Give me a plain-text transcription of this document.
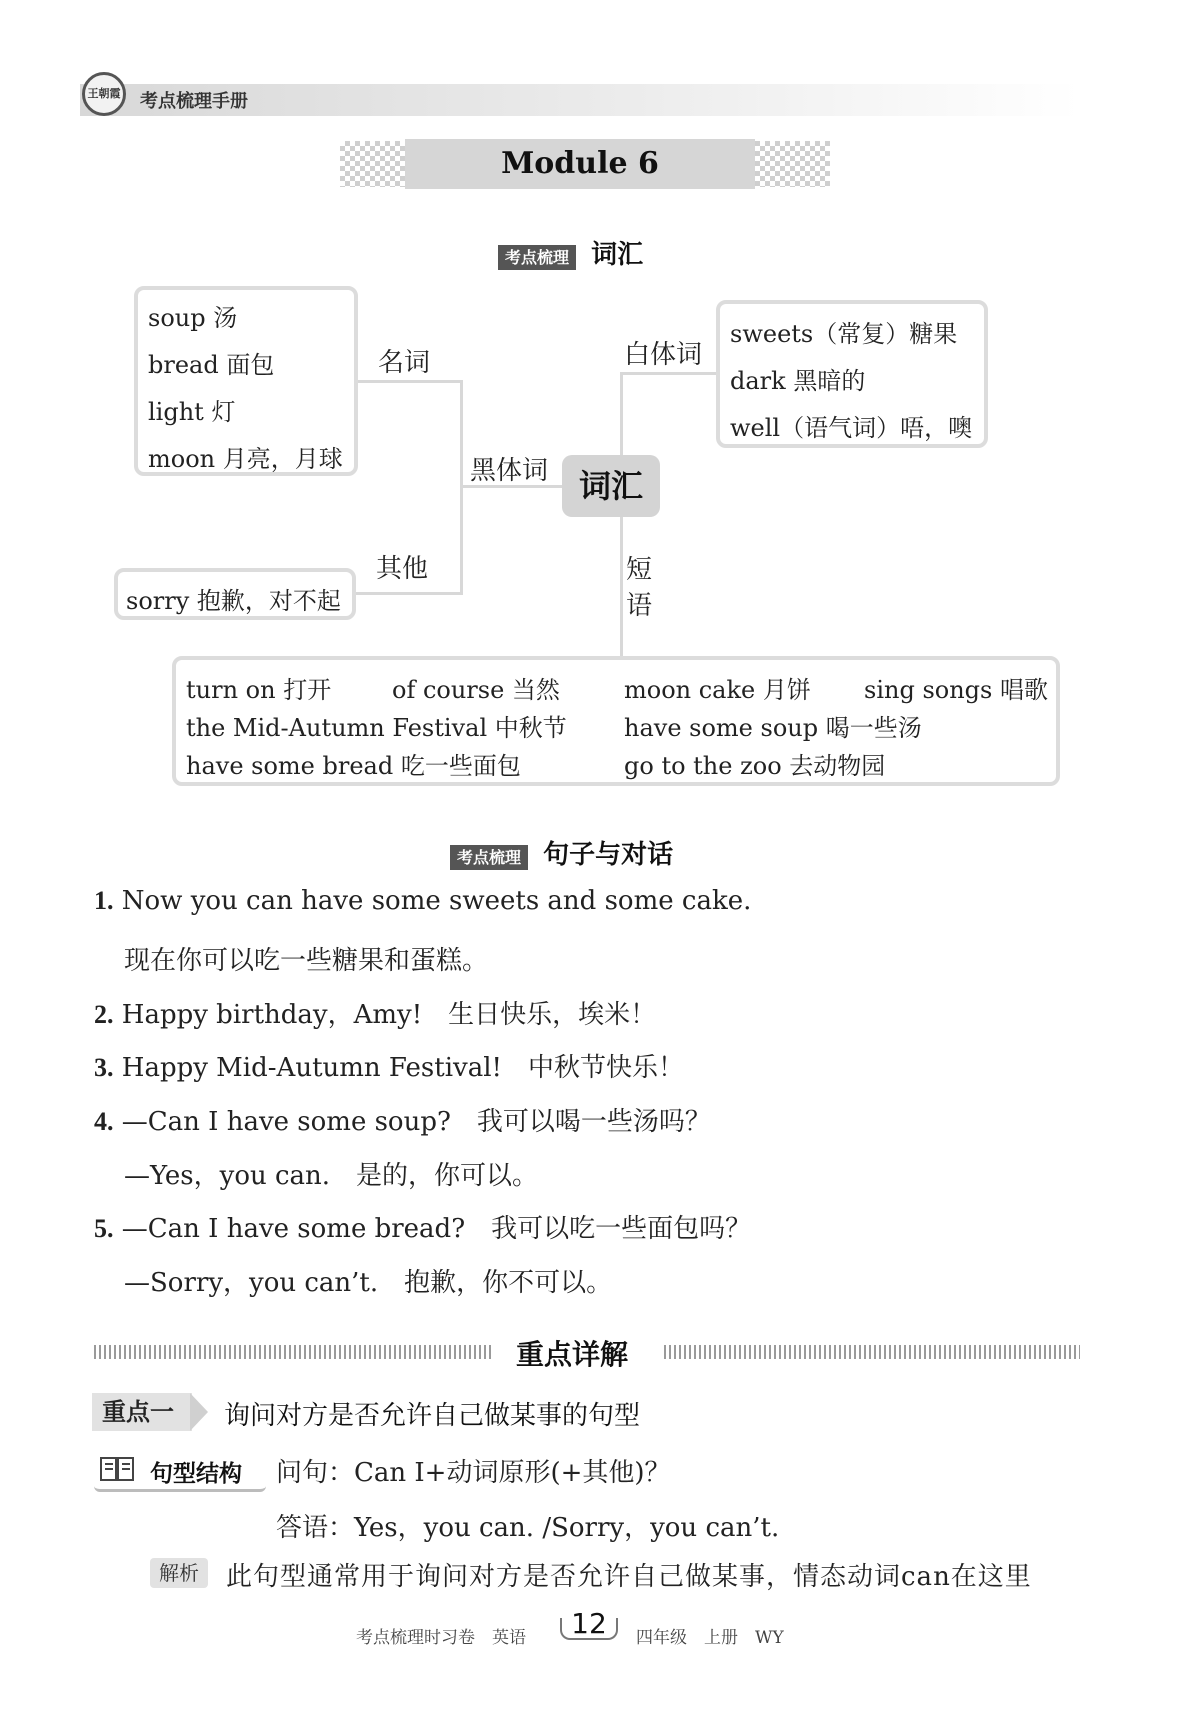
王朝霞	考点梳理手册
Module 6
考点梳理 词汇
soup 汤
bread 面包
light 灯
moon 月亮，月球
名词
sorry 抱歉，对不起
其他
黑体词 词汇
白体词
sweets（常复）糖果
dark 黑暗的
well（语气词）唔，噢
短语
turn on 打开	of course 当然	moon cake 月饼 sing songs 唱歌
the Mid-Autumn Festival 中秋节 have some soup 喝一些汤
have some bread 吃一些面包	go to the zoo 去动物园
考点梳理 句子与对话
1. Now you can have some sweets and some cake.
现在你可以吃一些糖果和蛋糕。
2. Happy birthday，Amy!　生日快乐，埃米！
3. Happy Mid-Autumn Festival!　中秋节快乐！
4. —Can I have some soup?　我可以喝一些汤吗？
—Yes，you can.　是的，你可以。
5. —Can I have some bread?　我可以吃一些面包吗？
—Sorry，you can’t.　抱歉，你不可以。
重点详解
重点一	询问对方是否允许自己做某事的句型
句型结构 问句：Can I+动词原形(+其他)？
答语：Yes，you can. /Sorry，you can’t.
解析	此句型通常用于询问对方是否允许自己做某事，情态动词can在这里
考点梳理时习卷　英语	12	四年级　上册　WY
